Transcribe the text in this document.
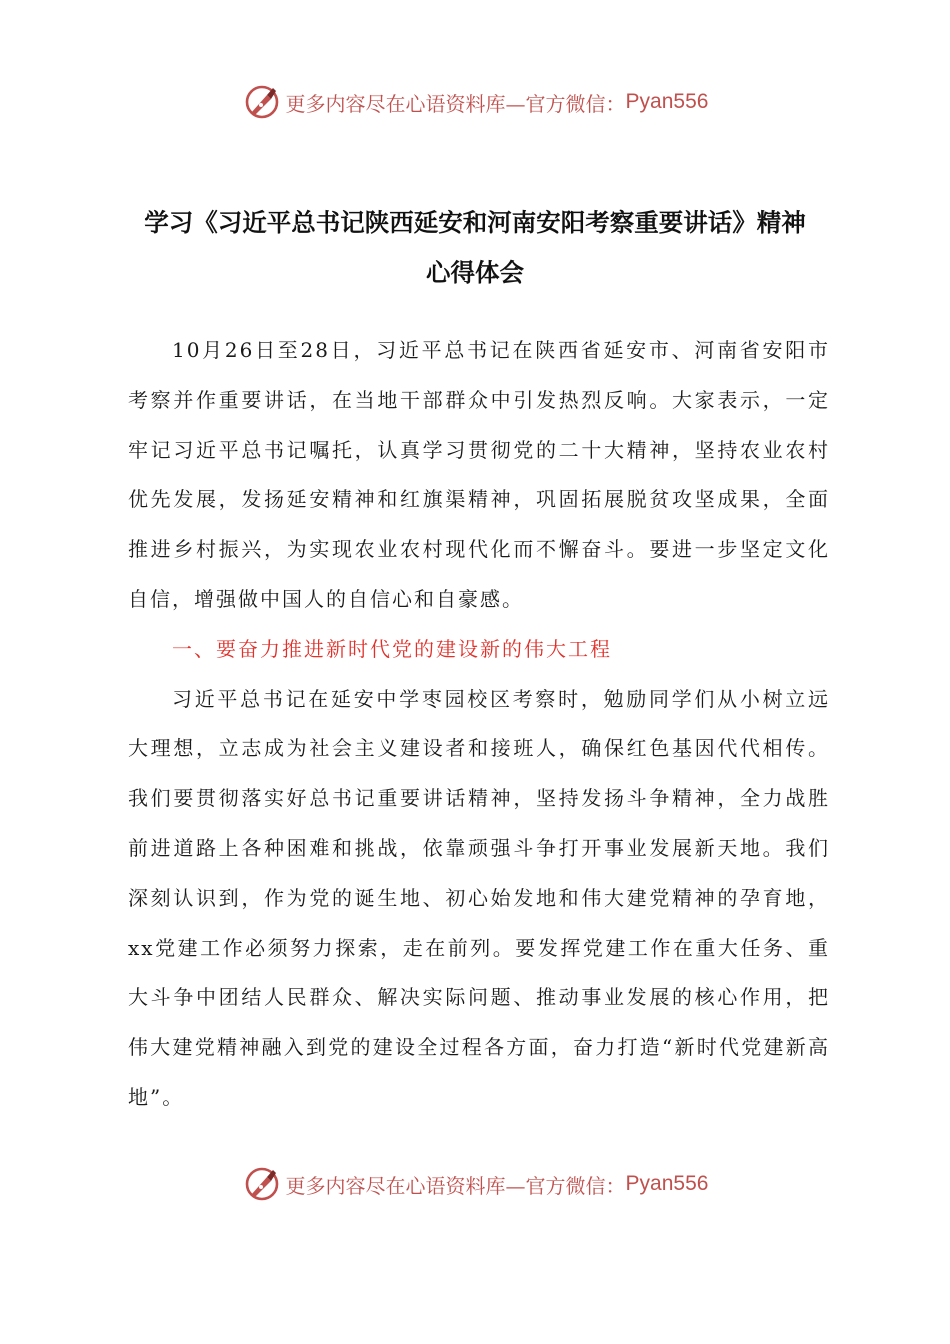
更多内容尽在心语资料库—官方微信： Pyan556
学习《习近平总书记陕西延安和河南安阳考察重要讲话》精神
心得体会

10月26日至28日，习近平总书记在陕西省延安市、河南省安阳市考察并作重要讲话，在当地干部群众中引发热烈反响。大家表示，一定牢记习近平总书记嘱托，认真学习贯彻党的二十大精神，坚持农业农村优先发展，发扬延安精神和红旗渠精神，巩固拓展脱贫攻坚成果，全面推进乡村振兴，为实现农业农村现代化而不懈奋斗。要进一步坚定文化自信，增强做中国人的自信心和自豪感。

一、要奋力推进新时代党的建设新的伟大工程

习近平总书记在延安中学枣园校区考察时，勉励同学们从小树立远大理想，立志成为社会主义建设者和接班人，确保红色基因代代相传。我们要贯彻落实好总书记重要讲话精神，坚持发扬斗争精神，全力战胜前进道路上各种困难和挑战，依靠顽强斗争打开事业发展新天地。我们深刻认识到，作为党的诞生地、初心始发地和伟大建党精神的孕育地，xx党建工作必须努力探索，走在前列。要发挥党建工作在重大任务、重大斗争中团结人民群众、解决实际问题、推动事业发展的核心作用，把伟大建党精神融入到党的建设全过程各方面，奋力打造“新时代党建新高地”。

更多内容尽在心语资料库—官方微信： Pyan556
